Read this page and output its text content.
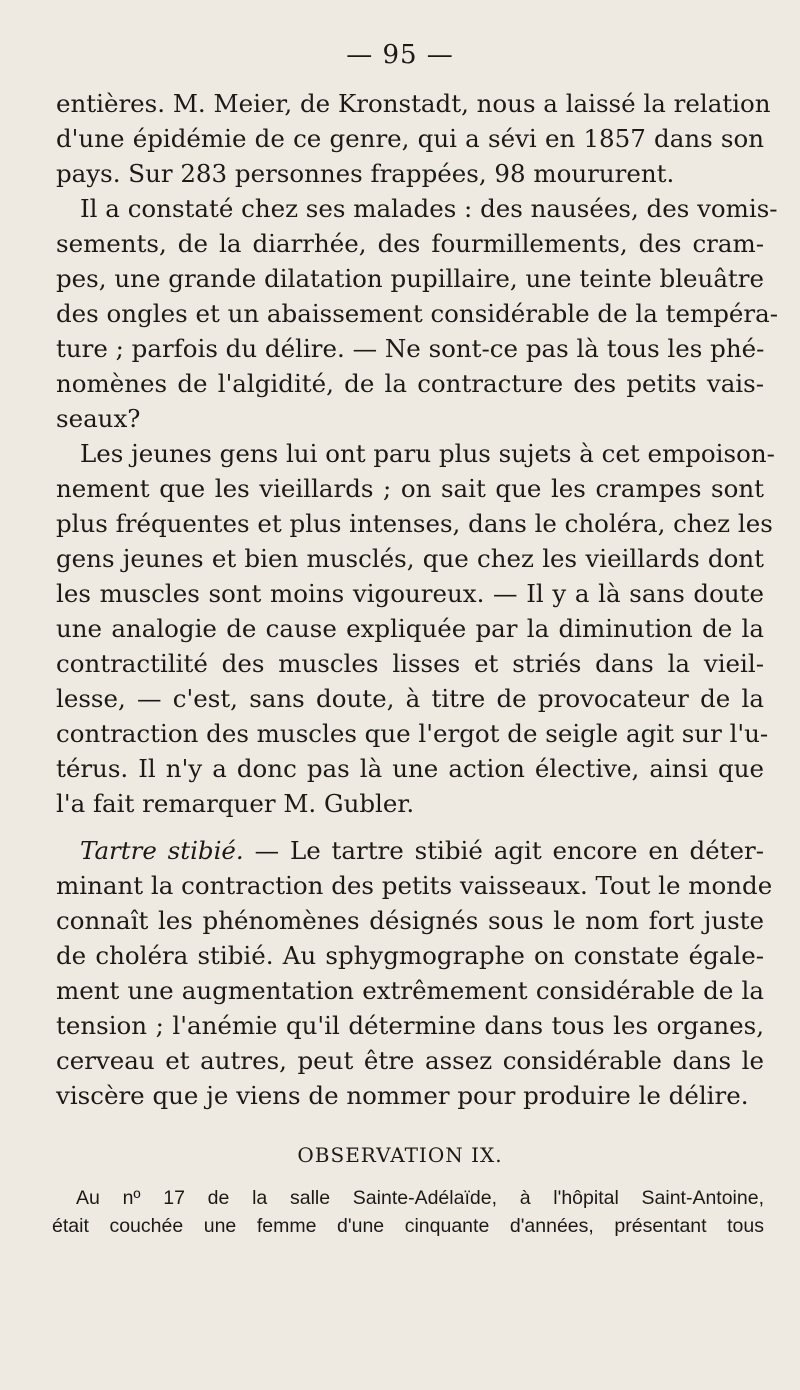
— 95 —
entières. M. Meier, de Kronstadt, nous a laissé la relation
d'une épidémie de ce genre, qui a sévi en 1857 dans son
pays. Sur 283 personnes frappées, 98 moururent.
Il a constaté chez ses malades : des nausées, des vomis-
sements, de la diarrhée, des fourmillements, des cram-
pes, une grande dilatation pupillaire, une teinte bleuâtre
des ongles et un abaissement considérable de la tempéra-
ture ; parfois du délire. — Ne sont-ce pas là tous les phé-
nomènes de l'algidité, de la contracture des petits vais-
seaux?
Les jeunes gens lui ont paru plus sujets à cet empoison-
nement que les vieillards ; on sait que les crampes sont
plus fréquentes et plus intenses, dans le choléra, chez les
gens jeunes et bien musclés, que chez les vieillards dont
les muscles sont moins vigoureux. — Il y a là sans doute
une analogie de cause expliquée par la diminution de la
contractilité des muscles lisses et striés dans la vieil-
lesse, — c'est, sans doute, à titre de provocateur de la
contraction des muscles que l'ergot de seigle agit sur l'u-
térus. Il n'y a donc pas là une action élective, ainsi que
l'a fait remarquer M. Gubler.
Tartre stibié. — Le tartre stibié agit encore en déter-
minant la contraction des petits vaisseaux. Tout le monde
connaît les phénomènes désignés sous le nom fort juste
de choléra stibié. Au sphygmographe on constate égale-
ment une augmentation extrêmement considérable de la
tension ; l'anémie qu'il détermine dans tous les organes,
cerveau et autres, peut être assez considérable dans le
viscère que je viens de nommer pour produire le délire.
OBSERVATION IX.
Au nº 17 de la salle Sainte-Adélaïde, à l'hôpital Saint-Antoine,
était couchée une femme d'une cinquante d'années, présentant tous
